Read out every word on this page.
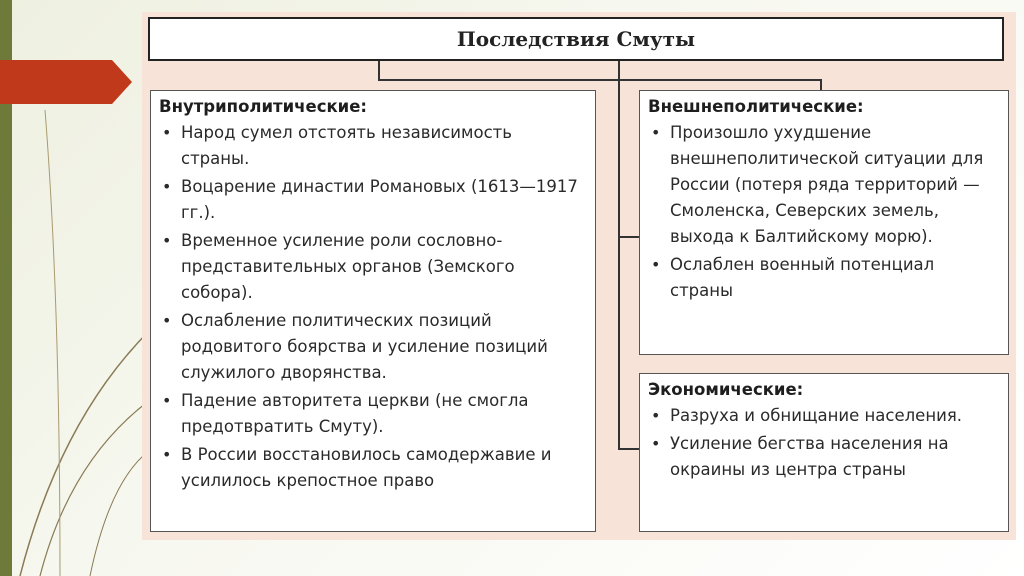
Последствия Смуты
Внутриполитические:
• Народ сумел отстоять независимость страны.
• Воцарение династии Романовых (1613—1917 гг.).
• Временное усиление роли сословно-представительных органов (Земского собора).
• Ослабление политических позиций родовитого боярства и усиление позиций служилого дворянства.
• Падение авторитета церкви (не смогла предотвратить Смуту).
• В России восстановилось самодержавие и усилилось крепостное право
Внешнеполитические:
• Произошло ухудшение внешнеполитической ситуации для России (потеря ряда территорий — Смоленска, Северских земель, выхода к Балтийскому морю).
• Ослаблен военный потенциал страны
Экономические:
• Разруха и обнищание населения.
• Усиление бегства населения на окраины из центра страны
